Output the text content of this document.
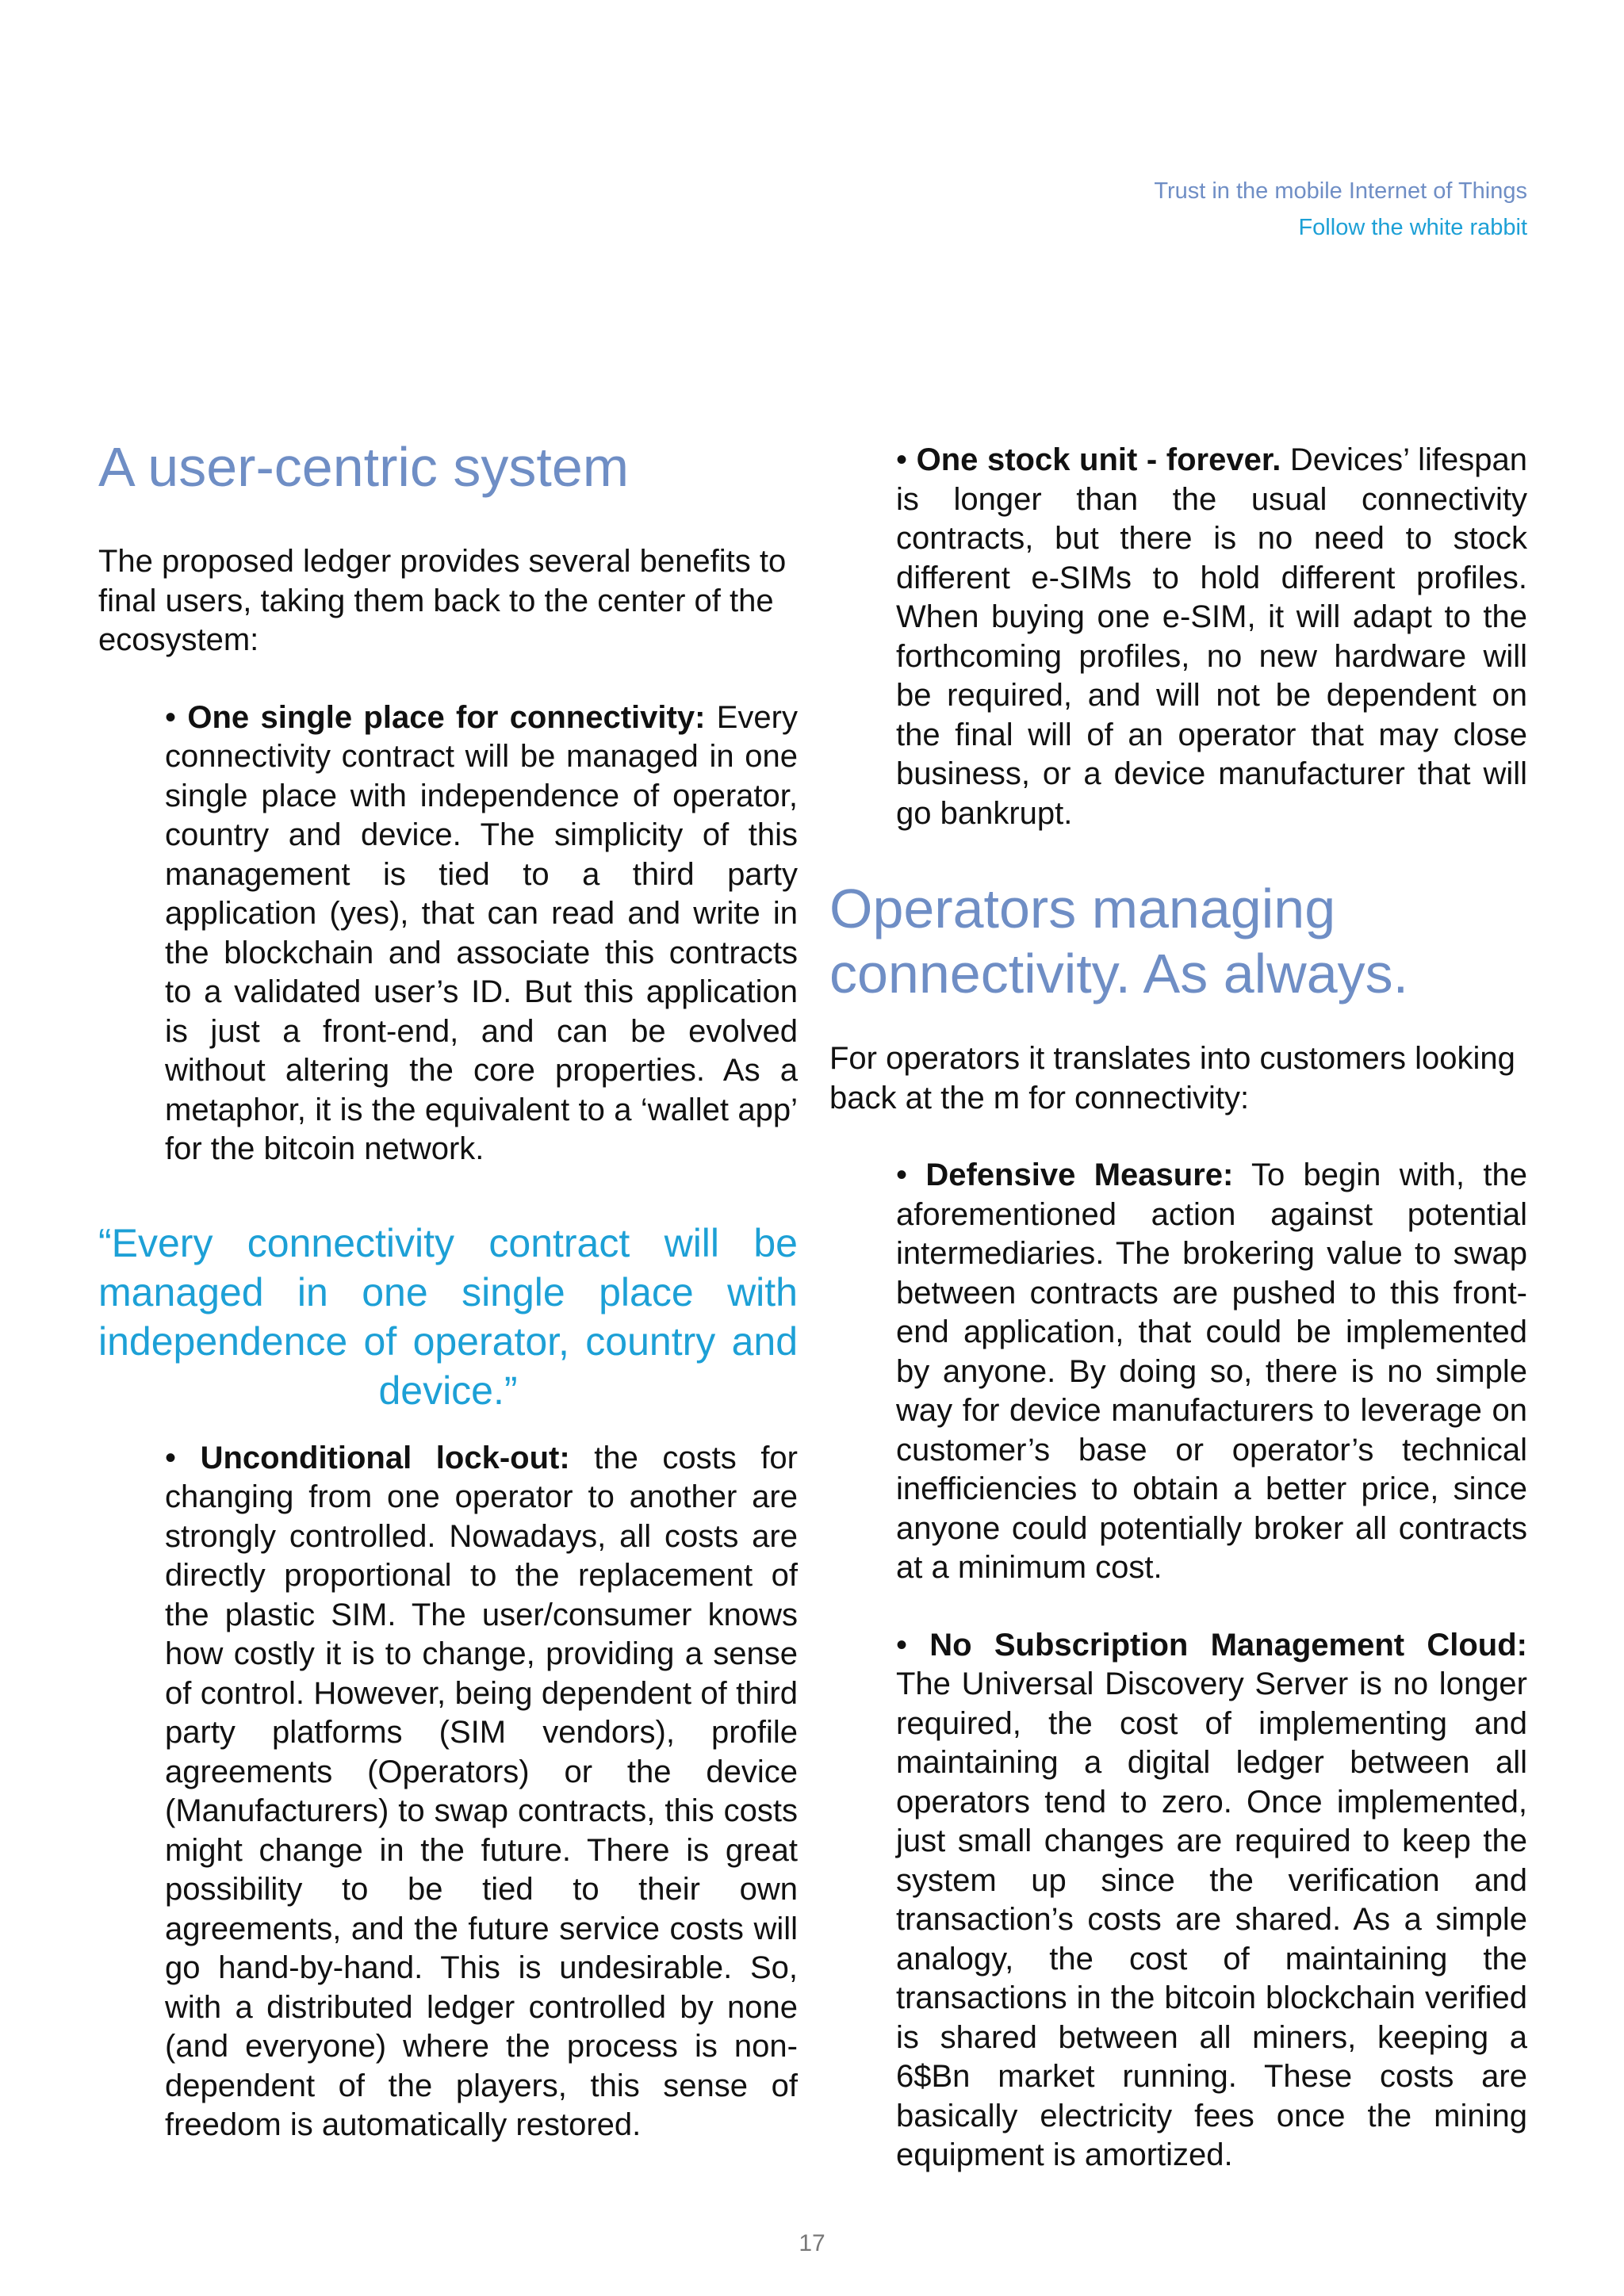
Trust in the mobile Internet of Things
Follow the white rabbit
A user-centric system

The proposed ledger provides several benefits to final users, taking them back to the center of the ecosystem:

• One single place for connectivity: Every connectivity contract will be managed in one single place with independence of operator, country and device. The simplicity of this management is tied to a third party application (yes), that can read and write in the blockchain and associate this contracts to a validated user’s ID. But this application is just a front-end, and can be evolved without altering the core properties. As a metaphor, it is the equivalent to a ‘wallet app’ for the bitcoin network.

“Every connectivity contract will be managed in one single place with independence of operator, country and device.”

• Unconditional lock-out: the costs for changing from one operator to another are strongly controlled. Nowadays, all costs are directly proportional to the replacement of the plastic SIM. The user/consumer knows how costly it is to change, providing a sense of control. However, being dependent of third party platforms (SIM vendors), profile agreements (Operators) or the device (Manufacturers) to swap contracts, this costs might change in the future. There is great possibility to be tied to their own agreements, and the future service costs will go hand-by-hand. This is undesirable. So, with a distributed ledger controlled by none (and everyone) where the process is non-dependent of the players, this sense of freedom is automatically restored.

• One stock unit - forever. Devices’ lifespan is longer than the usual connectivity contracts, but there is no need to stock different e-SIMs to hold different profiles. When buying one e-SIM, it will adapt to the forthcoming profiles, no new hardware will be required, and will not be dependent on the final will of an operator that may close business, or a device manufacturer that will go bankrupt.

Operators managing connectivity. As always.

For operators it translates into customers looking back at the m for connectivity:

• Defensive Measure: To begin with, the aforementioned action against potential intermediaries. The brokering value to swap between contracts are pushed to this front-end application, that could be implemented by anyone. By doing so, there is no simple way for device manufacturers to leverage on customer’s base or operator’s technical inefficiencies to obtain a better price, since anyone could potentially broker all contracts at a minimum cost.

• No Subscription Management Cloud: The Universal Discovery Server is no longer required, the cost of implementing and maintaining a digital ledger between all operators tend to zero. Once implemented, just small changes are required to keep the system up since the verification and transaction’s costs are shared. As a simple analogy, the cost of maintaining the transactions in the bitcoin blockchain verified is shared between all miners, keeping a 6$Bn market running. These costs are basically electricity fees once the mining equipment is amortized.

17
